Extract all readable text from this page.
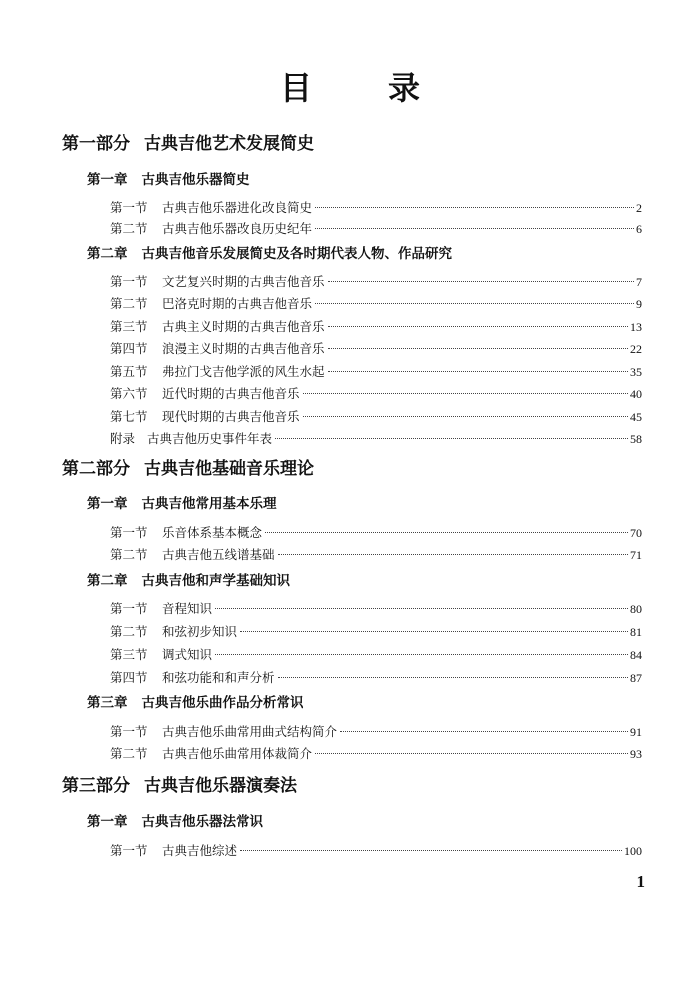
目　录
第一部分 古典吉他艺术发展简史
第一章 古典吉他乐器简史
第一节	古典吉他乐器进化改良简史	2
第二节	古典吉他乐器改良历史纪年	6
第二章 古典吉他音乐发展简史及各时期代表人物、作品研究
第一节	文艺复兴时期的古典吉他音乐	7
第二节	巴洛克时期的古典吉他音乐	9
第三节	古典主义时期的古典吉他音乐	13
第四节	浪漫主义时期的古典吉他音乐	22
第五节	弗拉门戈吉他学派的风生水起	35
第六节	近代时期的古典吉他音乐	40
第七节	现代时期的古典吉他音乐	45
附录 古典吉他历史事件年表	58
第二部分 古典吉他基础音乐理论
第一章 古典吉他常用基本乐理
第一节	乐音体系基本概念	70
第二节	古典吉他五线谱基础	71
第二章 古典吉他和声学基础知识
第一节	音程知识	80
第二节	和弦初步知识	81
第三节	调式知识	84
第四节	和弦功能和和声分析	87
第三章 古典吉他乐曲作品分析常识
第一节	古典吉他乐曲常用曲式结构简介	91
第二节	古典吉他乐曲常用体裁简介	93
第三部分 古典吉他乐器演奏法
第一章 古典吉他乐器法常识
第一节	古典吉他综述	100
1
